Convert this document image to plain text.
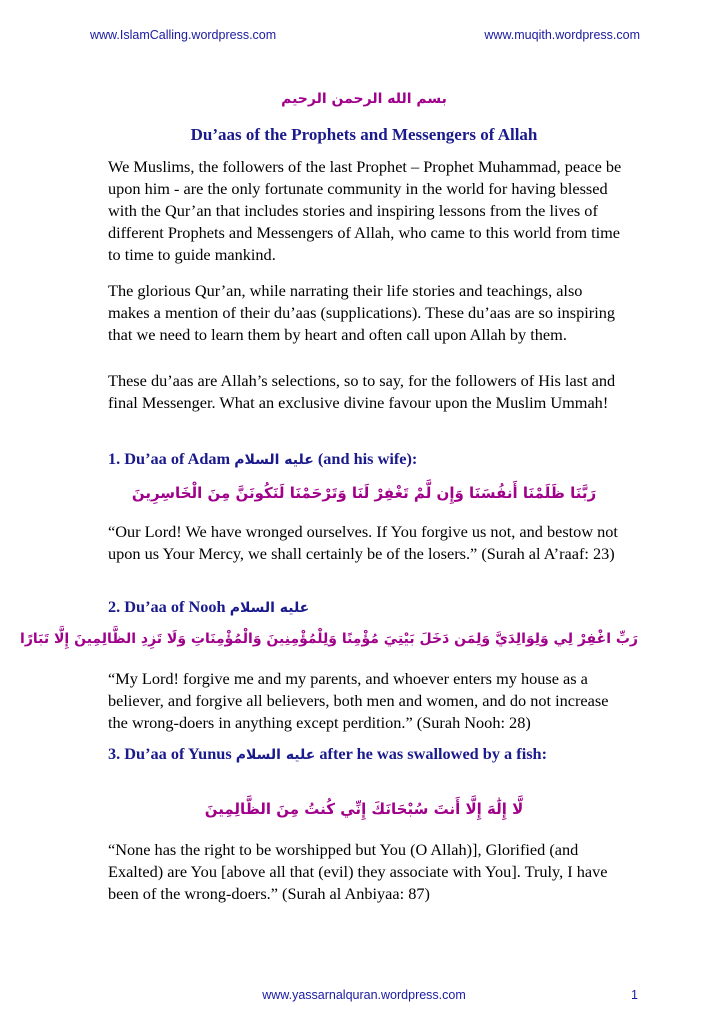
www.IslamCalling.wordpress.com	www.muqith.wordpress.com
بسم الله الرحمن الرحيم
Du’aas of the Prophets and Messengers of Allah
We Muslims, the followers of the last Prophet – Prophet Muhammad, peace be upon him - are the only fortunate community in the world for having blessed with the Qur’an that includes stories and inspiring lessons from the lives of different Prophets and Messengers of Allah, who came to this world from time to time to guide mankind.
The glorious Qur’an, while narrating their life stories and teachings, also makes a mention of their du’aas (supplications). These du’aas are so inspiring that we need to learn them by heart and often call upon Allah by them.
These du’aas are Allah’s selections, so to say, for the followers of His last and final Messenger. What an exclusive divine favour upon the Muslim Ummah!
1. Du’aa of Adam عليه السلام (and his wife):
رَبَّنَا ظَلَمْنَا أَنفُسَنَا وَإِن لَّمْ تَغْفِرْ لَنَا وَتَرْحَمْنَا لَنَكُونَنَّ مِنَ الْخَاسِرِينَ
“Our Lord! We have wronged ourselves. If You forgive us not, and bestow not upon us Your Mercy, we shall certainly be of the losers.” (Surah al A’raaf: 23)
2. Du’aa of Nooh عليه السلام
رَبِّ اغْفِرْ لِي وَلِوَالِدَيَّ وَلِمَن دَخَلَ بَيْتِيَ مُؤْمِنًا وَلِلْمُؤْمِنِينَ وَالْمُؤْمِنَاتِ وَلَا تَزِدِ الظَّالِمِينَ إِلَّا تَبَارًا
“My Lord! forgive me and my parents, and whoever enters my house as a believer, and forgive all believers, both men and women, and do not increase the wrong-doers in anything except perdition.” (Surah Nooh: 28)
3. Du’aa of Yunus عليه السلام after he was swallowed by a fish:
لَّا إِلَٰهَ إِلَّا أَنتَ سُبْحَانَكَ إِنِّي كُنتُ مِنَ الظَّالِمِينَ
“None has the right to be worshipped but You (O Allah)], Glorified (and Exalted) are You [above all that (evil) they associate with You]. Truly, I have been of the wrong-doers.” (Surah al Anbiyaa: 87)
www.yassarnalquran.wordpress.com	1
